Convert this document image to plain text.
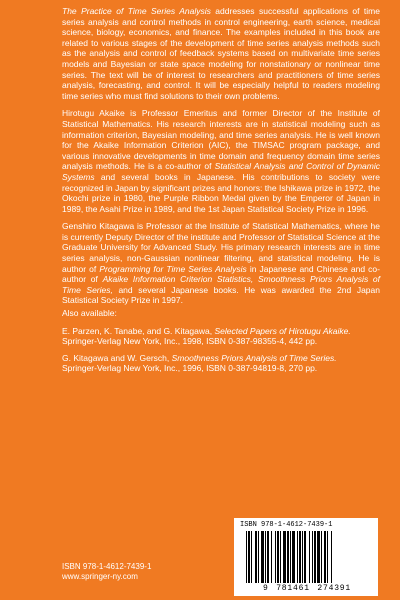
The Practice of Time Series Analysis addresses successful applications of time series analysis and control methods in control engineering, earth science, medical science, biology, economics, and finance. The examples included in this book are related to various stages of the development of time series analysis methods such as the analysis and control of feedback systems based on multivariate time series models and Bayesian or state space modeling for nonstationary or nonlinear time series. The text will be of interest to researchers and practitioners of time series analysis, forecasting, and control. It will be especially helpful to readers modeling time series who must find solutions to their own problems.

Hirotugu Akaike is Professor Emeritus and former Director of the Institute of Statistical Mathematics. His research interests are in statistical modeling such as information criterion, Bayesian modeling, and time series analysis. He is well known for the Akaike Information Criterion (AIC), the TIMSAC program package, and various innovative developments in time domain and frequency domain time series analysis methods. He is a co-author of Statistical Analysis and Control of Dynamic Systems and several books in Japanese. His contributions to society were recognized in Japan by significant prizes and honors: the Ishikawa prize in 1972, the Okochi prize in 1980, the Purple Ribbon Medal given by the Emperor of Japan in 1989, the Asahi Prize in 1989, and the 1st Japan Statistical Society Prize in 1996.

Genshiro Kitagawa is Professor at the Institute of Statistical Mathematics, where he is currently Deputy Director of the institute and Professor of Statistical Science at the Graduate University for Advanced Study. His primary research interests are in time series analysis, non-Gaussian nonlinear filtering, and statistical modeling. He is author of Programming for Time Series Analysis in Japanese and Chinese and co-author of Akaike Information Criterion Statistics, Smoothness Priors Analysis of Time Series, and several Japanese books. He was awarded the 2nd Japan Statistical Society Prize in 1997.

Also available:

E. Parzen, K. Tanabe, and G. Kitagawa, Selected Papers of Hirotugu Akaike.
Springer-Verlag New York, Inc., 1998, ISBN 0-387-98355-4, 442 pp.

G. Kitagawa and W. Gersch, Smoothness Priors Analysis of Time Series.
Springer-Verlag New York, Inc., 1996, ISBN 0-387-94819-8, 270 pp.

ISBN 978-1-4612-7439-1
www.springer-ny.com
ISBN 978-1-4612-7439-1
9 781461 274391
